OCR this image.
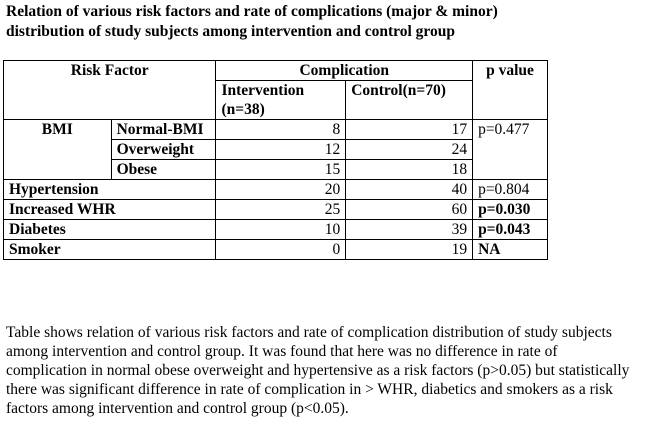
Relation of various risk factors and rate of complications (major & minor)
distribution of study subjects among intervention and control group
Risk Factor		Complication		p value
		Intervention (n=38)	Control(n=70)	
BMI	Normal-BMI	8	17	p=0.477
	Overweight	12	24	
	Obese	15	18	
Hypertension		20	40	p=0.804
Increased WHR		25	60	p=0.030
Diabetes		10	39	p=0.043
Smoker		0	19	NA
Table shows relation of various risk factors and rate of complication distribution of study subjects among intervention and control group. It was found that here was no difference in rate of complication in normal obese overweight and hypertensive as a risk factors (p>0.05) but statistically there was significant difference in rate of complication in > WHR, diabetics and smokers as a risk factors among intervention and control group (p<0.05).
